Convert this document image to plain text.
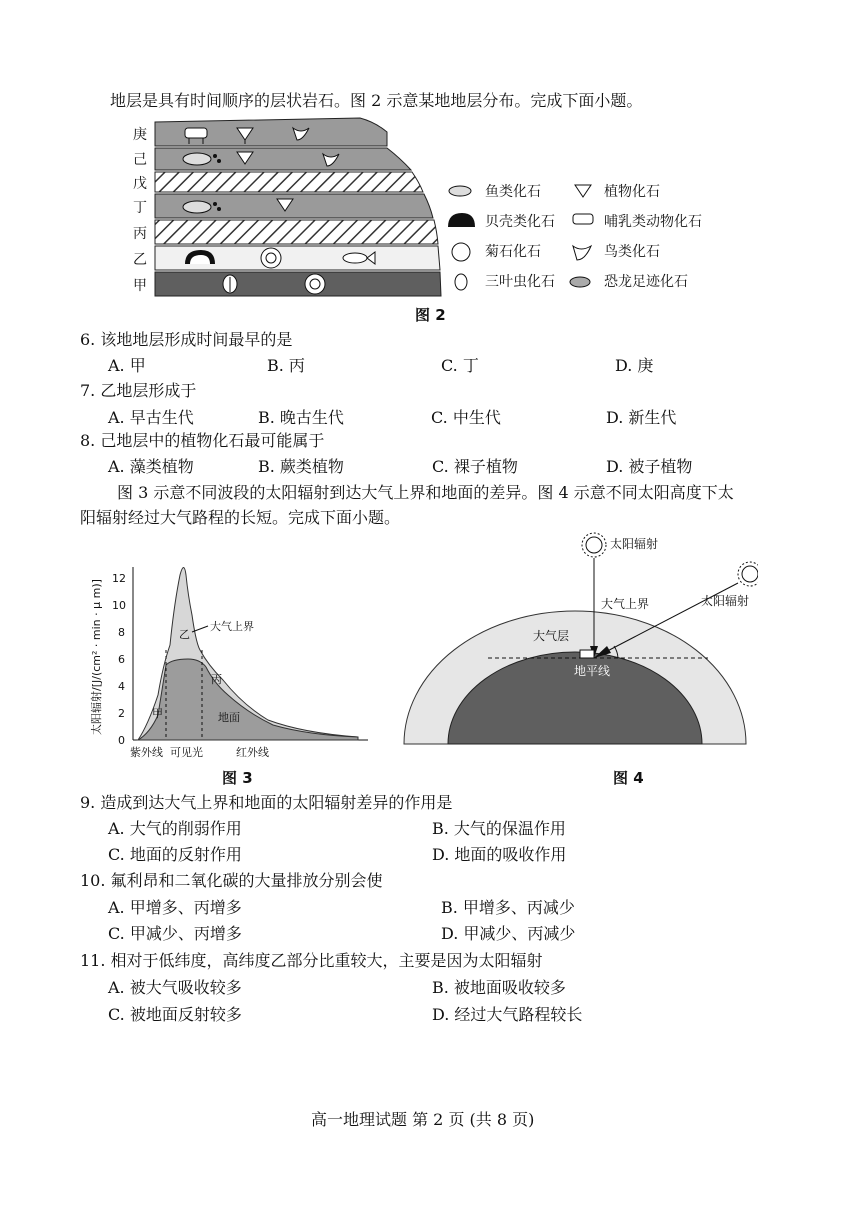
地层是具有时间顺序的层状岩石。图 2 示意某地地层分布。完成下面小题。
庚
己
戊
丁
丙
乙
甲
鱼类化石	植物化石
贝壳类化石	哺乳类动物化石
菊石化石	鸟类化石
三叶虫化石	恐龙足迹化石
图 2
6. 该地地层形成时间最早的是
A. 甲	B. 丙	C. 丁	D. 庚
7. 乙地层形成于
A. 早古生代	B. 晚古生代	C. 中生代	D. 新生代
8. 己地层中的植物化石最可能属于
A. 藻类植物	B. 蕨类植物	C. 裸子植物	D. 被子植物
图 3 示意不同波段的太阳辐射到达大气上界和地面的差异。图 4 示意不同太阳高度下太
阳辐射经过大气路程的长短。完成下面小题。
太阳辐射/[J/(cm² · min · μ m)]
0
2
4
6
8
10
12
乙
大气上界
丙
甲	地面
紫外线 可见光	红外线
图 3
太阳辐射
太阳辐射
大气上界
大气层
地平线
图 4
9. 造成到达大气上界和地面的太阳辐射差异的作用是
A. 大气的削弱作用	B. 大气的保温作用
C. 地面的反射作用	D. 地面的吸收作用
10. 氟利昂和二氧化碳的大量排放分别会使
A. 甲增多、丙增多	B. 甲增多、丙减少
C. 甲减少、丙增多	D. 甲减少、丙减少
11. 相对于低纬度，高纬度乙部分比重较大，主要是因为太阳辐射
A. 被大气吸收较多	B. 被地面吸收较多
C. 被地面反射较多	D. 经过大气路程较长
高一地理试题 第 2 页 (共 8 页)
